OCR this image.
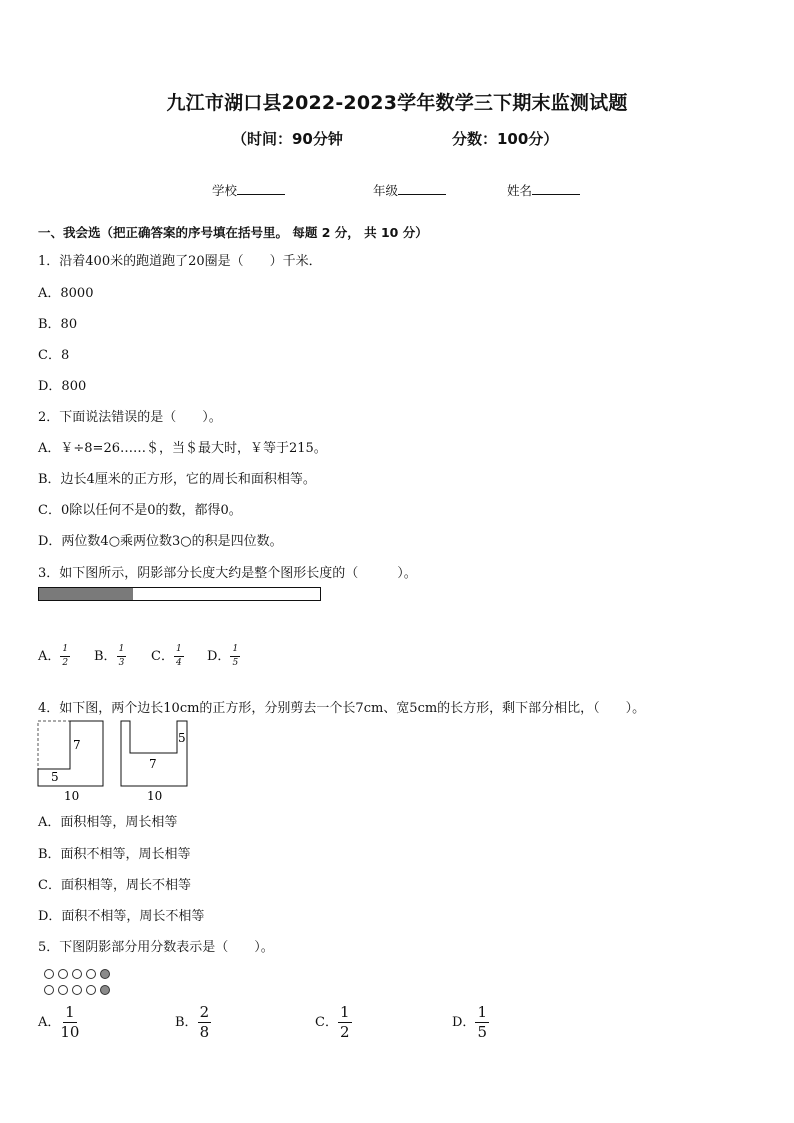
九江市湖口县2022-2023学年数学三下期末监测试题
（时间：90分钟	分数：100分）
学校	年级	姓名
一、我会选（把正确答案的序号填在括号里。 每题 2 分， 共 10 分）
1．沿着400米的跑道跑了20圈是（　　）千米．
A．8000
B．80
C．8
D．800
2．下面说法错误的是（　　）。
A．￥÷8=26……＄，当＄最大时，￥等于215。
B．边长4厘米的正方形，它的周长和面积相等。
C．0除以任何不是0的数，都得0。
D．两位数4○乘两位数3○的积是四位数。
3．如下图所示，阴影部分长度大约是整个图形长度的（　　　）。
A． $\frac{1}{2}$ B． $\frac{1}{3}$ C． $\frac{1}{4}$ D． $\frac{1}{5}$
4．如下图，两个边长10cm的正方形，分别剪去一个长7cm、宽5cm的长方形，剩下部分相比，（　　）。
7
5
10
5
7
10
A．面积相等，周长相等
B．面积不相等，周长相等
C．面积相等，周长不相等
D．面积不相等，周长不相等
5．下图阴影部分用分数表示是（　　）。
A． $\frac{1}{10}$	B． $\frac{2}{8}$	C． $\frac{1}{2}$	D． $\frac{1}{5}$
